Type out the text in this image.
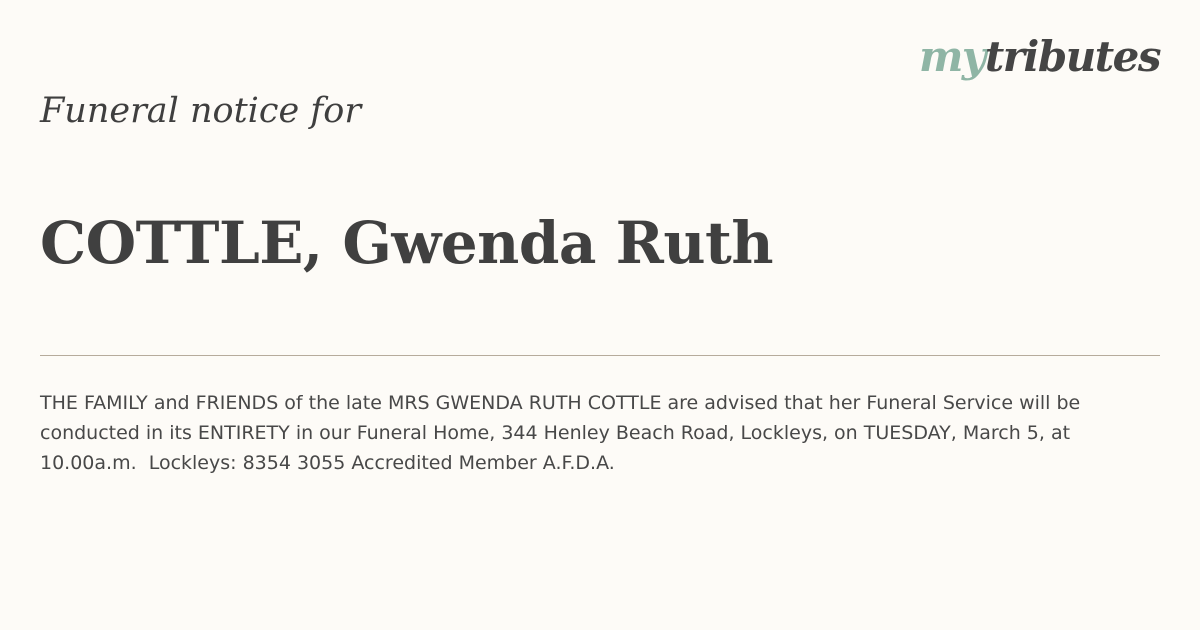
mytributes
Funeral notice for
COTTLE, Gwenda Ruth

THE FAMILY and FRIENDS of the late MRS GWENDA RUTH COTTLE are advised that her Funeral Service will be conducted in its ENTIRETY in our Funeral Home, 344 Henley Beach Road, Lockleys, on TUESDAY, March 5, at 10.00a.m.  Lockleys: 8354 3055 Accredited Member A.F.D.A.
